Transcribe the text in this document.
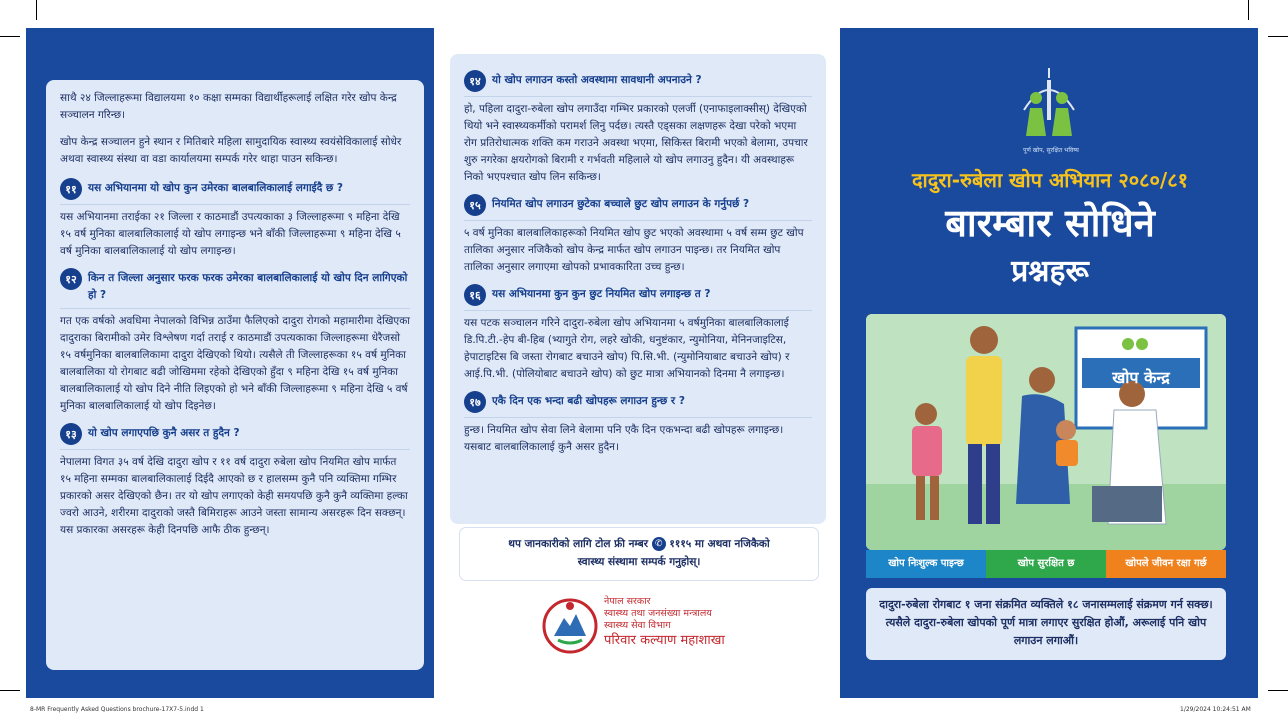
साथै २४ जिल्लाहरूमा विद्यालयमा १० कक्षा सम्मका विद्यार्थीहरूलाई लक्षित गरेर खोप केन्द्र सञ्चालन गरिन्छ।

खोप केन्द्र सञ्चालन हुने स्थान र मितिबारे महिला सामुदायिक स्वास्थ्य स्वयंसेविकालाई सोधेर अथवा स्वास्थ्य संस्था वा वडा कार्यालयमा सम्पर्क गरेर थाहा पाउन सकिन्छ।

११	यस अभियानमा यो खोप कुन उमेरका बालबालिकालाई लगाईदै छ ?
यस अभियानमा तराईका २१ जिल्ला र काठमाडौं उपत्यकाका ३ जिल्लाहरूमा ९ महिना देखि १५ वर्ष मुनिका बालबालिकालाई यो खोप लगाइन्छ भने बाँकी जिल्लाहरूमा ९ महिना देखि ५ वर्ष मुनिका बालबालिकालाई यो खोप लगाइन्छ।
१२	किन त जिल्ला अनुसार फरक फरक उमेरका बालबालिकालाई यो खोप दिन लागिएको हो ?
गत एक वर्षको अवधिमा नेपालको विभिन्न ठाउँमा फैलिएको दादुरा रोगको महामारीमा देखिएका दादुराका बिरामीको उमेर विश्लेषण गर्दा तराई र काठमाडौं उपत्यकाका जिल्लाहरूमा धेरैजसो १५ वर्षमुनिका बालबालिकामा दादुरा देखिएको थियो। त्यसैले ती जिल्लाहरूका १५ वर्ष मुनिका बालबालिका यो रोगबाट बढी जोखिममा रहेको देखिएको हुँदा ९ महिना देखि १५ वर्ष मुनिका बालबालिकालाई यो खोप दिने नीति लिइएको हो भने बाँकी जिल्लाहरूमा ९ महिना देखि ५ वर्ष मुनिका बालबालिकालाई यो खोप दिइनेछ।
१३	यो खोप लगाएपछि कुनै असर त हुदैन ?
नेपालमा विगत ३५ वर्ष देखि दादुरा खोप र ११ वर्ष दादुरा रुबेला खोप नियमित खोप मार्फत १५ महिना सम्मका बालबालिकालाई दिईदै आएको छ र हालसम्म कुनै पनि व्यक्तिमा गम्भिर प्रकारको असर देखिएको छैन। तर यो खोप लगाएको केही समयपछि कुनै कुनै व्यक्तिमा हल्का ज्वरो आउने, शरीरमा दादुराको जस्तै बिमिराहरू आउने जस्ता सामान्य असरहरू दिन सक्छन्। यस प्रकारका असरहरू केही दिनपछि आफै ठीक हुन्छन्।
१४	यो खोप लगाउन कस्तो अवस्थामा सावधानी अपनाउने ?
हो, पहिला दादुरा-रुबेला खोप लगाउँदा गम्भिर प्रकारको एलर्जी (एनाफाइलाक्सीस्) देखिएको थियो भने स्वास्थ्यकर्मीको परामर्श लिनु पर्दछ। त्यस्तै एड्सका लक्षणहरू देखा परेको भएमा रोग प्रतिरोधात्मक शक्ति कम गराउने अवस्था भएमा, सिकिस्त बिरामी भएको बेलामा, उपचार शुरु नगरेका क्षयरोगको बिरामी र गर्भवती महिलाले यो खोप लगाउनु हुदैन। यी अवस्थाहरू निको भएपश्चात खोप लिन सकिन्छ।
१५	नियमित खोप लगाउन छुटेका बच्चाले छुट खोप लगाउन के गर्नुपर्छ ?
५ वर्ष मुनिका बालबालिकाहरूको नियमित खोप छुट भएको अवस्थामा ५ वर्ष सम्म छुट खोप तालिका अनुसार नजिकैको खोप केन्द्र मार्फत खोप लगाउन पाइन्छ। तर नियमित खोप तालिका अनुसार लगाएमा खोपको प्रभावकारिता उच्च हुन्छ।
१६	यस अभियानमा कुन कुन छुट नियमित खोप लगाइन्छ त ?
यस पटक सञ्चालन गरिने दादुरा-रुबेला खोप अभियानमा ५ वर्षमुनिका बालबालिकालाई डि.पि.टी.-हेप बी-हिब (भ्यागुते रोग, लहरे खोकी, धनुष्टंकार, न्युमोनिया, मेनिनजाइटिस, हेपाटाइटिस बि जस्ता रोगबाट बचाउने खोप) पि.सि.भी. (न्युमोनियाबाट बचाउने खोप) र आई.पि.भी. (पोलियोबाट बचाउने खोप) को छुट मात्रा अभियानको दिनमा नै लगाइन्छ।
१७	एकै दिन एक भन्दा बढी खोपहरू लगाउन हुन्छ र ?
हुन्छ। नियमित खोप सेवा लिने बेलामा पनि एकै दिन एकभन्दा बढी खोपहरू लगाइन्छ। यसबाट बालबालिकालाई कुनै असर हुदैन।
थप जानकारीको लागि टोल फ्री नम्बर ✆ १११५ मा अथवा नजिकैको
स्वास्थ्य संस्थामा सम्पर्क गनुहोस्।
नेपाल सरकार
स्वास्थ्य तथा जनसंख्या मन्त्रालय
स्वास्थ्य सेवा विभाग
परिवार कल्याण महाशाखा
पूर्ण खोप, सुरक्षित भविष्य
दादुरा-रुबेला खोप अभियान २०८०/८१
बारम्बार सोधिने
प्रश्नहरू
खोप केन्द्र
खोप निःशुल्क पाइन्छ	खोप सुरक्षित छ	खोपले जीवन रक्षा गर्छ
दादुरा-रुबेला रोगबाट १ जना संक्रमित व्यक्तिले १८ जनासम्मलाई संक्रमण गर्न सक्छ। त्यसैले दादुरा-रुबेला खोपको पूर्ण मात्रा लगाएर सुरक्षित होऔं, अरूलाई पनि खोप लगाउन लगाऔं।
8-MR Frequently Asked Questions brochure-17X7-5.indd 1	1/29/2024 10:24:51 AM
